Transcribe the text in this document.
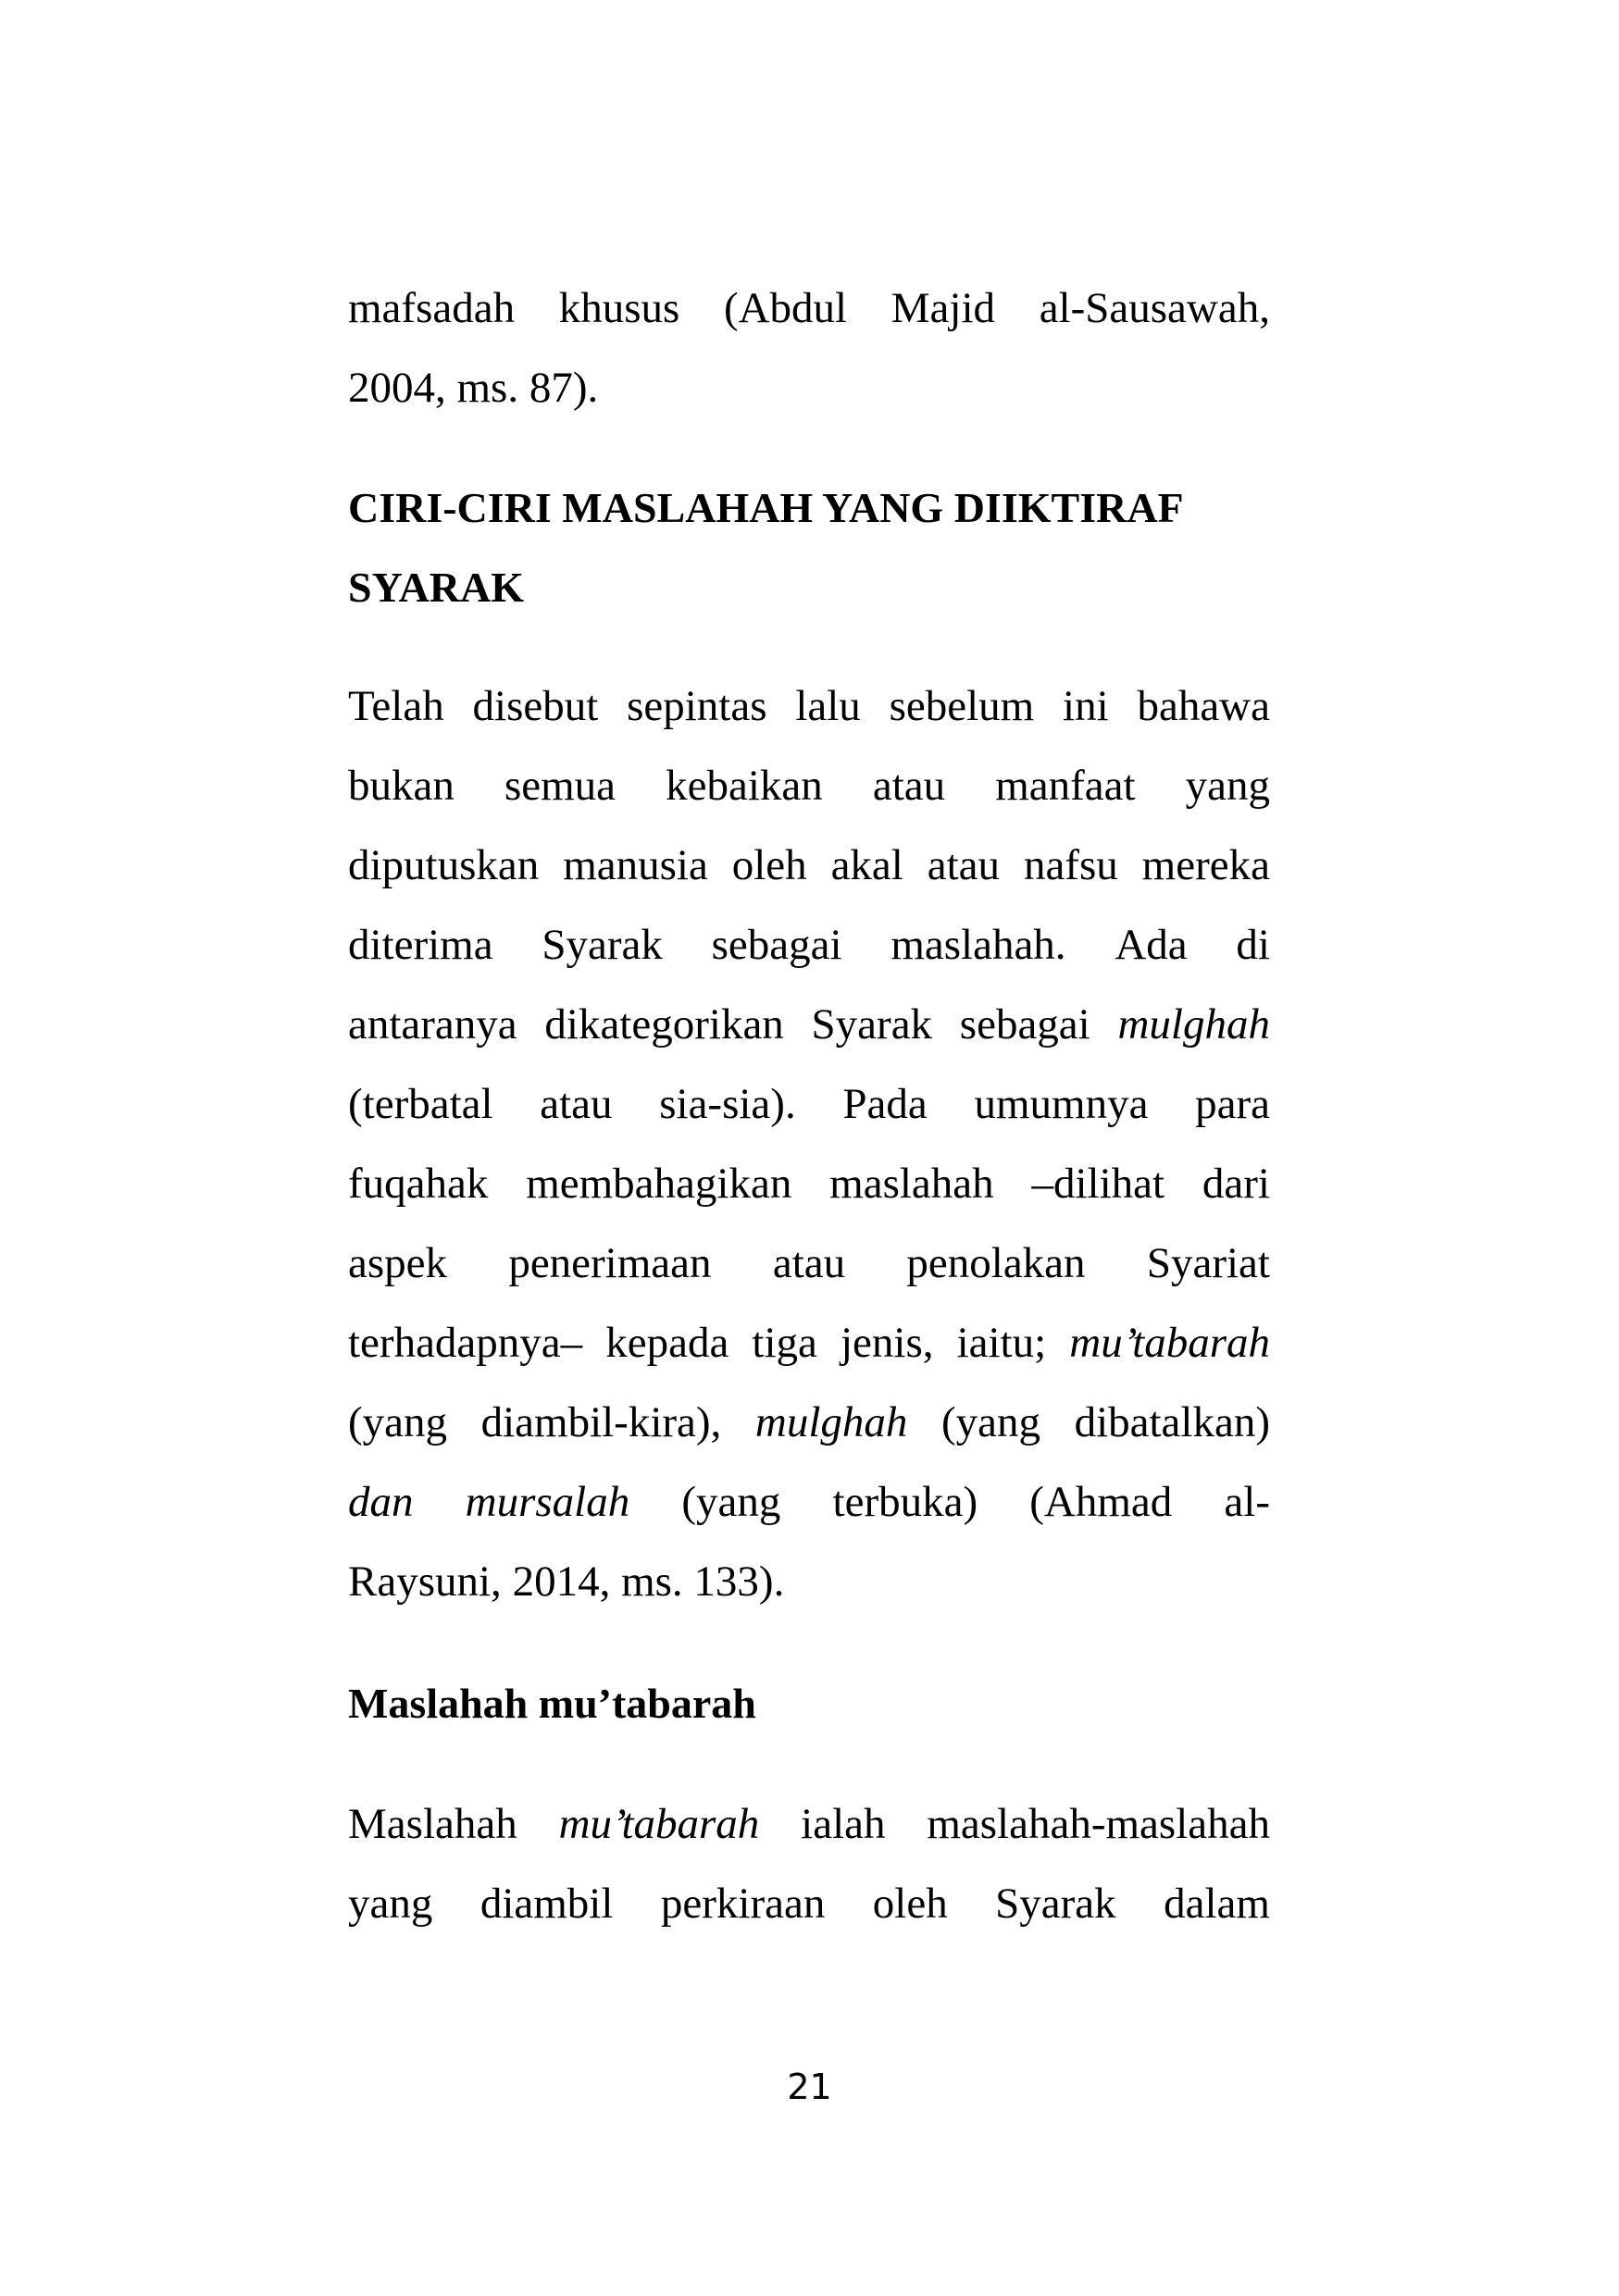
mafsadah khusus (Abdul Majid al-Sausawah,
2004, ms. 87).
CIRI-CIRI MASLAHAH YANG DIIKTIRAF
SYARAK
Telah disebut sepintas lalu sebelum ini bahawa
bukan semua kebaikan atau manfaat yang
diputuskan manusia oleh akal atau nafsu mereka
diterima Syarak sebagai maslahah. Ada di
antaranya dikategorikan Syarak sebagai mulghah
(terbatal atau sia-sia). Pada umumnya para
fuqahak membahagikan maslahah –dilihat dari
aspek penerimaan atau penolakan Syariat
terhadapnya– kepada tiga jenis, iaitu; mu’tabarah
(yang diambil-kira), mulghah (yang dibatalkan)
dan mursalah (yang terbuka) (Ahmad al-
Raysuni, 2014, ms. 133).
Maslahah mu’tabarah
Maslahah mu’tabarah ialah maslahah-maslahah
yang diambil perkiraan oleh Syarak dalam
21
